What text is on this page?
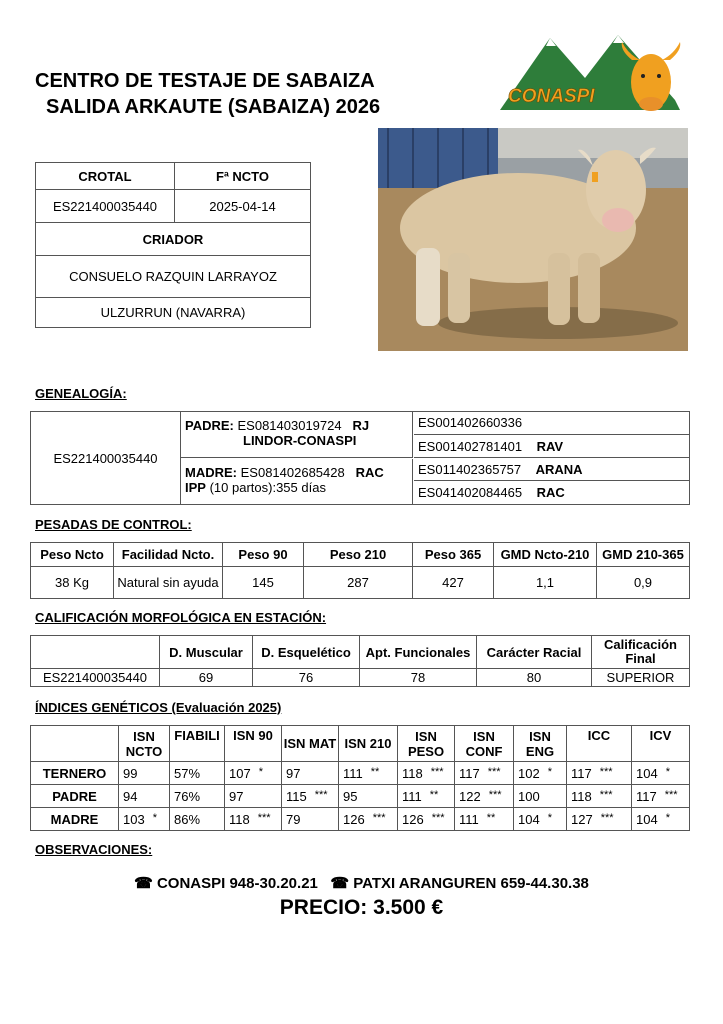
CENTRO DE TESTAJE DE SABAIZA
SALIDA ARKAUTE (SABAIZA) 2026	CONASPI
CROTAL	Fª NCTO
ES221400035440	2025-04-14
CRIADOR	
CONSUELO RAZQUIN LARRAYOZ	
ULZURRUN (NAVARRA)	
GENEALOGÍA:
ES221400035440
PADRE: ES081403019724 RJ
LINDOR-CONASPI
MADRE: ES081402685428 RAC
IPP (10 partos):355 días
ES001402660336
ES001402781401 RAV
ES011402365757 ARANA
ES041402084465 RAC
PESADAS DE CONTROL:
Peso Ncto	Facilidad Ncto.	Peso 90	Peso 210	Peso 365	GMD Ncto-210	GMD 210-365
38 Kg	Natural sin ayuda	145	287	427	1,1	0,9
CALIFICACIÓN MORFOLÓGICA EN ESTACIÓN:
	D. Muscular	D. Esquelético	Apt. Funcionales	Carácter Racial	Calificación Final
ES221400035440	69	76	78	80	SUPERIOR
ÍNDICES GENÉTICOS (Evaluación 2025)
	ISN NCTO	FIABILI	ISN 90	ISN MAT	ISN 210	ISN PESO	ISN CONF	ISN ENG	ICC	ICV
TERNERO	99	57%	107 *	97	111 **	118 ***	117 ***	102 *	117 ***	104 *
PADRE	94	76%	97	115 ***	95	111 **	122 ***	100	118 ***	117 ***
MADRE	103 *	86%	118 ***	79	126 ***	126 ***	111 **	104 *	127 ***	104 *
OBSERVACIONES:
☎ CONASPI 948-30.20.21 ☎ PATXI ARANGUREN 659-44.30.38
PRECIO: 3.500 €
